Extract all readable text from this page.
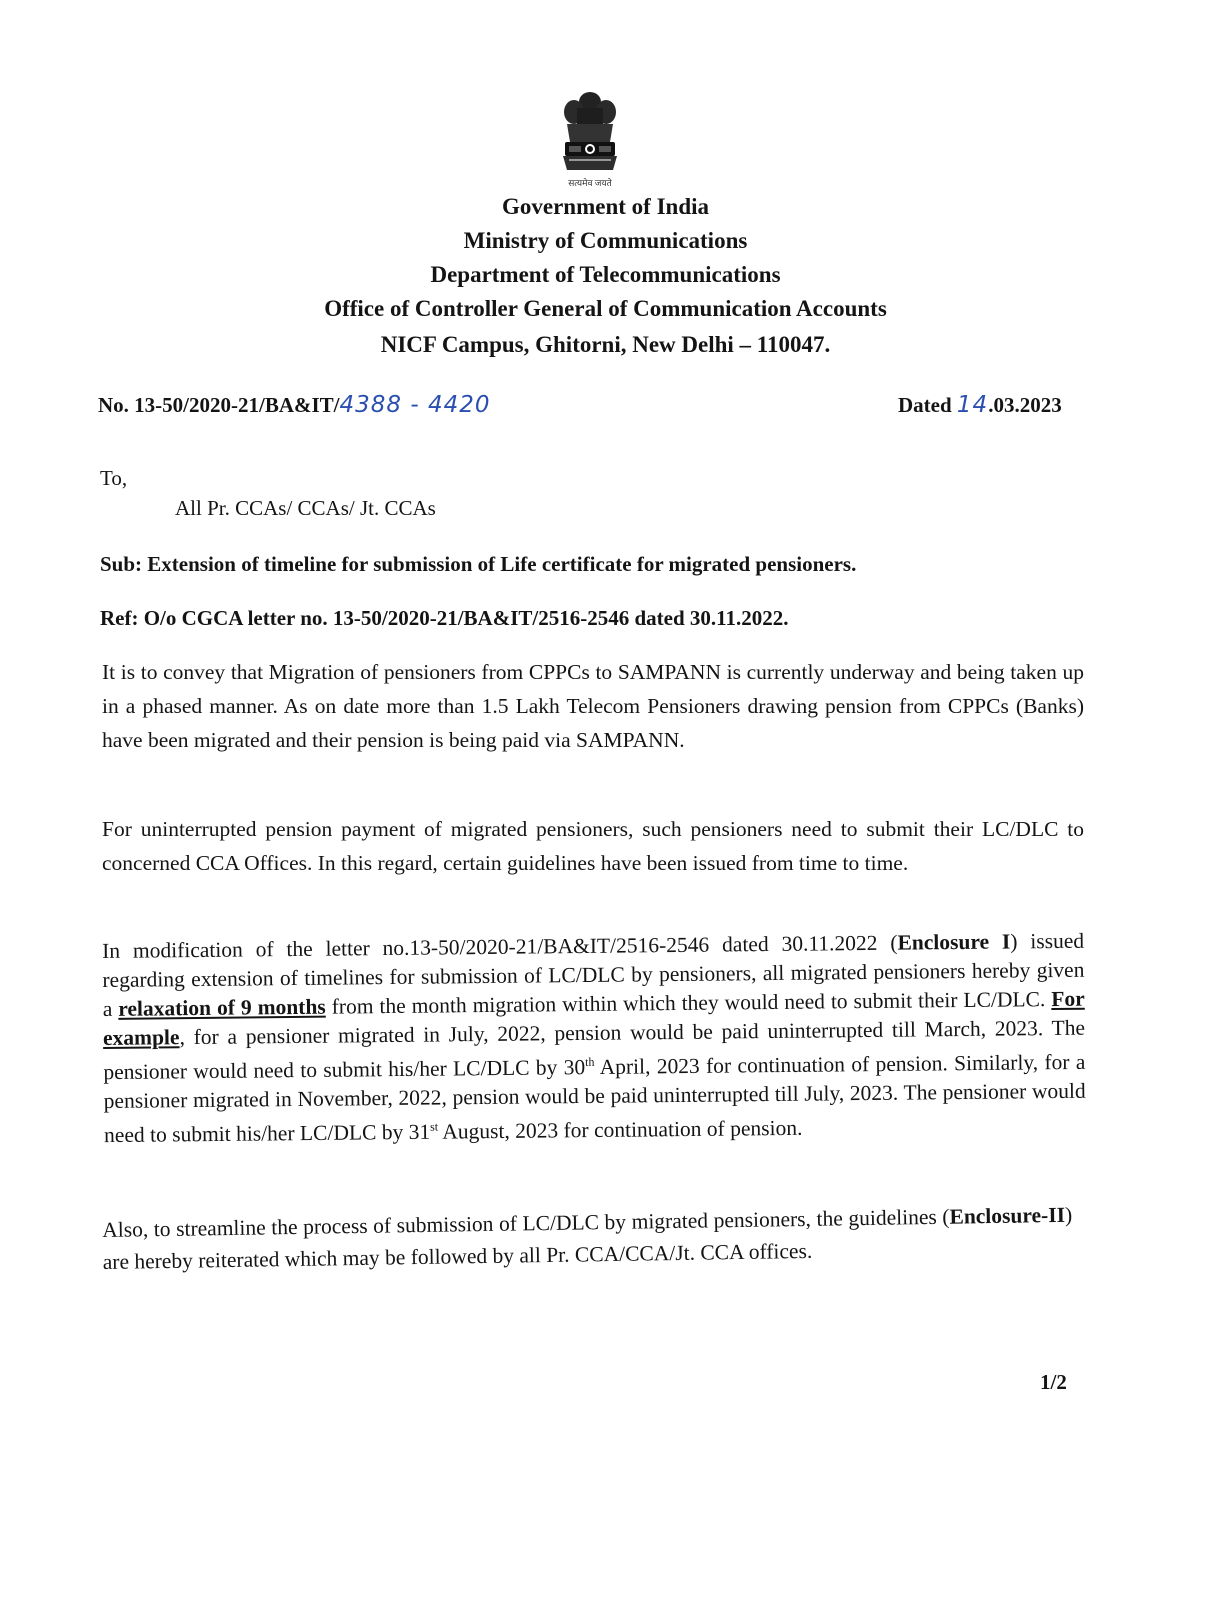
सत्यमेव जयते
Government of India
Ministry of Communications
Department of Telecommunications
Office of Controller General of Communication Accounts
NICF Campus, Ghitorni, New Delhi – 110047.
No. 13-50/2020-21/BA&IT/4388 - 4420	Dated 14.03.2023
To,
All Pr. CCAs/ CCAs/ Jt. CCAs
Sub: Extension of timeline for submission of Life certificate for migrated pensioners.
Ref: O/o CGCA letter no. 13-50/2020-21/BA&IT/2516-2546 dated 30.11.2022.
It is to convey that Migration of pensioners from CPPCs to SAMPANN is currently underway and being taken up in a phased manner. As on date more than 1.5 Lakh Telecom Pensioners drawing pension from CPPCs (Banks) have been migrated and their pension is being paid via SAMPANN.
For uninterrupted pension payment of migrated pensioners, such pensioners need to submit their LC/DLC to concerned CCA Offices. In this regard, certain guidelines have been issued from time to time.
In modification of the letter no.13-50/2020-21/BA&IT/2516-2546 dated 30.11.2022 (Enclosure I) issued regarding extension of timelines for submission of LC/DLC by pensioners, all migrated pensioners hereby given a relaxation of 9 months from the month migration within which they would need to submit their LC/DLC. For example, for a pensioner migrated in July, 2022, pension would be paid uninterrupted till March, 2023. The pensioner would need to submit his/her LC/DLC by 30th April, 2023 for continuation of pension. Similarly, for a pensioner migrated in November, 2022, pension would be paid uninterrupted till July, 2023. The pensioner would need to submit his/her LC/DLC by 31st August, 2023 for continuation of pension.
Also, to streamline the process of submission of LC/DLC by migrated pensioners, the guidelines (Enclosure-II) are hereby reiterated which may be followed by all Pr. CCA/CCA/Jt. CCA offices.
1/2
